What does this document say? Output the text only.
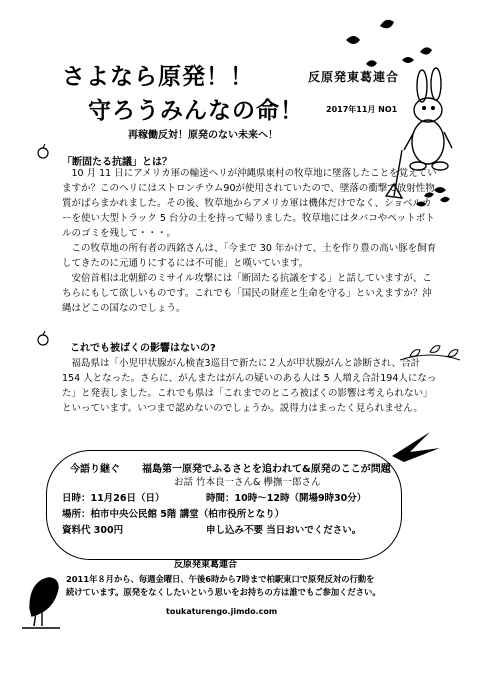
さよなら原発！！
守ろうみんなの命！
反原発東葛連合
2017年11月 NO1
再稼働反対！原発のない未来へ！
「断固たる抗議」とは？

　10 月 11 日にアメリカ軍の輸送ヘリが沖縄県東村の牧草地に墜落したことを覚えていますか？このヘリにはストロンチウム90が使用されていたので、墜落の衝撃で放射性物質がばらまかれました。その後、牧草地からアメリカ軍は機体だけでなく、ショベルカーを使い大型トラック 5 台分の土を持って帰りました。牧草地にはタバコやペットボトルのゴミを残して・・・。

　この牧草地の所有者の西銘さんは、「今まで 30 年かけて、土を作り豊の高い豚を飼育してきたのに元通りにするには不可能」と嘆いています。

　安倍首相は北朝鮮のミサイル攻撃には「断固たる抗議をする」と話していますが、こちらにもして欲しいものです。これでも「国民の財産と生命を守る」といえますか？沖縄はどこの国なのでしょう。

これでも被ばくの影響はないの?

　福島県は「小児甲状腺がん検査3巡目で新たに２人が甲状腺がんと診断され、合計 154 人となった。さらに、がんまたはがんの疑いのある人は 5 人増え合計194人になった」と発表しました。これでも県は「これまでのところ被ばくの影響は考えられない」といっています。いつまで認めないのでしょうか。説得力はまったく見られません。

今語り継ぐ 福島第一原発でふるさとを追われて&原発のここが問題
お話 竹本良一さん& 欅撫一郎さん
日時：11月26日（日）	時間：10時〜12時（開場9時30分）
場所：柏市中央公民館 5階 講堂（柏市役所となり）
資料代 300円	申し込み不要 当日おいでください。
反原発東葛連合

2011年８月から、毎週金曜日、午後6時から7時まで柏駅東口で原発反対の行動を

続けています。原発をなくしたいという思いをお持ちの方は誰でもご参加ください。

toukaturengo.jimdo.com
